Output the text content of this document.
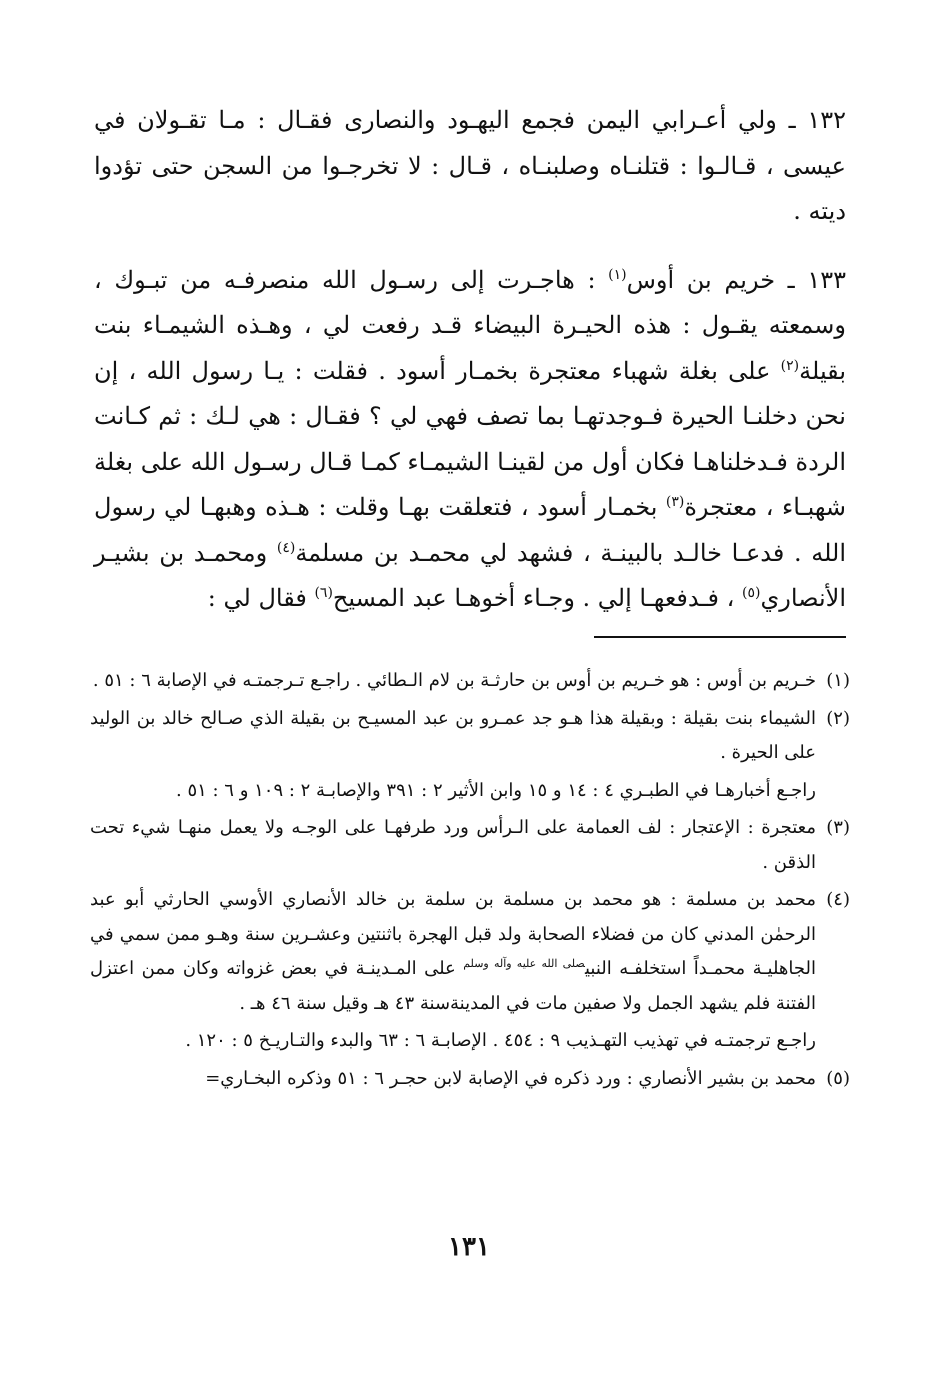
١٣٢ ـ ولي أعـرابي اليمن فجمع اليهـود والنصارى فقـال : مـا تقـولان في عيسى ، قـالـوا : قتلنـاه وصلبنـاه ، قـال : لا تخرجـوا من السجن حتى تؤدوا ديته .

١٣٣ ـ خريم بن أوس$^{(١)}$ : هاجـرت إلى رسـول الله منصرفـه من تبـوك ، وسمعته يقـول : هذه الحيـرة البيضاء قـد رفعت لي ، وهـذه الشيمـاء بنت بقيلة$^{(٢)}$ على بغلة شهباء معتجرة بخمـار أسود . فقلت : يـا رسول الله ، إن نحن دخلنـا الحيرة فـوجدتهـا بما تصف فهي لي ؟ فقـال : هي لـك : ثم كـانت الردة فـدخلناهـا فكان أول من لقينـا الشيمـاء كمـا قـال رسـول الله على بغلة شهبـاء ، معتجرة$^{(٣)}$ بخمـار أسود ، فتعلقت بهـا وقلت : هـذه وهبهـا لي رسول الله . فدعـا خالـد بالبينـة ، فشهد لي محمـد بن مسلمة$^{(٤)}$ ومحمـد بن بشيـر الأنصاري$^{(٥)}$ ، فـدفعهـا إلي . وجـاء أخوهـا عبد المسيح$^{(٦)}$ فقال لي :

(١)خـريم بن أوس : هو خـريم بن أوس بن حارثـة بن لام الـطائي . راجـع تـرجمتـه في الإصابة ٦ : ٥١ .

(٢)الشيماء بنت بقيلة : وبقيلة هذا هـو جد عمـرو بن عبد المسيـح بن بقيلة الذي صـالح خالد بن الوليد على الحيرة .

راجـع أخبارهـا في الطبـري ٤ : ١٤ و ١٥ وابن الأثير ٢ : ٣٩١ والإصابـة ٢ : ١٠٩ و ٦ : ٥١ .

(٣)معتجرة : الإعتجار : لف العمامة على الـرأس ورد طرفهـا على الوجـه ولا يعمل منهـا شيء تحت الذقن .

(٤)محمد بن مسلمة : هو محمد بن مسلمة بن سلمة بن خالد الأنصاري الأوسي الحارثي أبو عبد الرحمٰن المدني كان من فضلاء الصحابة ولد قبل الهجرة باثنتين وعشـرين سنة وهـو ممن سمي في الجاهليـة محمـداً استخلفـه النبي$^{صلى الله عليه وآله وسلم}$ على المـدينـة في بعض غزواته وكان ممن اعتزل الفتنة فلم يشهد الجمل ولا صفين مات في المدينةسنة ٤٣ هـ وقيل سنة ٤٦ هـ .

راجـع ترجمتـه في تهذيب التهـذيب ٩ : ٤٥٤ . الإصابـة ٦ : ٦٣ والبدء والتـاريـخ ٥ : ١٢٠ .

(٥)محمد بن بشير الأنصاري : ورد ذكره في الإصابة لابن حجـر ٦ : ٥١ وذكره البخـاري=

١٣١
